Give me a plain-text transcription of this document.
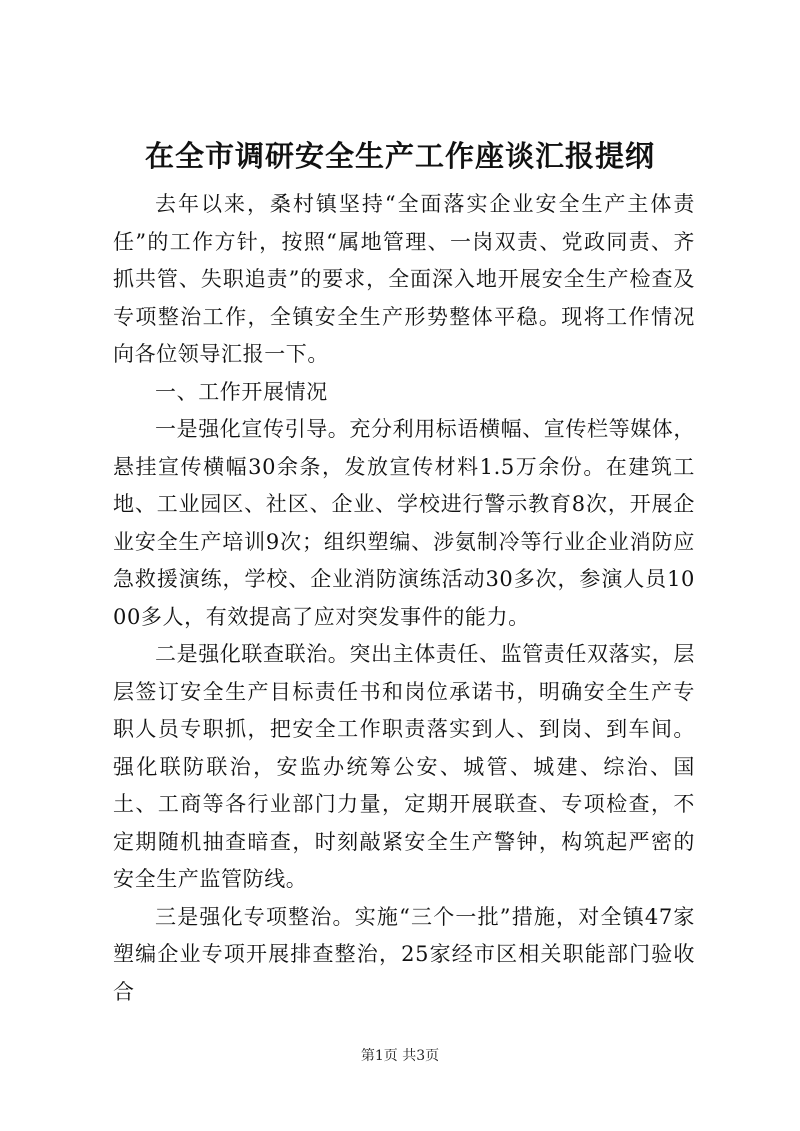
在全市调研安全生产工作座谈汇报提纲

去年以来，桑村镇坚持“全面落实企业安全生产主体责任”的工作方针，按照“属地管理、一岗双责、党政同责、齐抓共管、失职追责”的要求，全面深入地开展安全生产检查及专项整治工作，全镇安全生产形势整体平稳。现将工作情况向各位领导汇报一下。

一、工作开展情况

一是强化宣传引导。充分利用标语横幅、宣传栏等媒体，悬挂宣传横幅30余条，发放宣传材料1.5万余份。在建筑工地、工业园区、社区、企业、学校进行警示教育8次，开展企业安全生产培训9次；组织塑编、涉氨制冷等行业企业消防应急救援演练，学校、企业消防演练活动30多次，参演人员1000多人，有效提高了应对突发事件的能力。

二是强化联查联治。突出主体责任、监管责任双落实，层层签订安全生产目标责任书和岗位承诺书，明确安全生产专职人员专职抓，把安全工作职责落实到人、到岗、到车间。强化联防联治，安监办统筹公安、城管、城建、综治、国土、工商等各行业部门力量，定期开展联查、专项检查，不定期随机抽查暗查，时刻敲紧安全生产警钟，构筑起严密的安全生产监管防线。

三是强化专项整治。实施“三个一批”措施，对全镇47家塑编企业专项开展排查整治，25家经市区相关职能部门验收合

第1页 共3页
